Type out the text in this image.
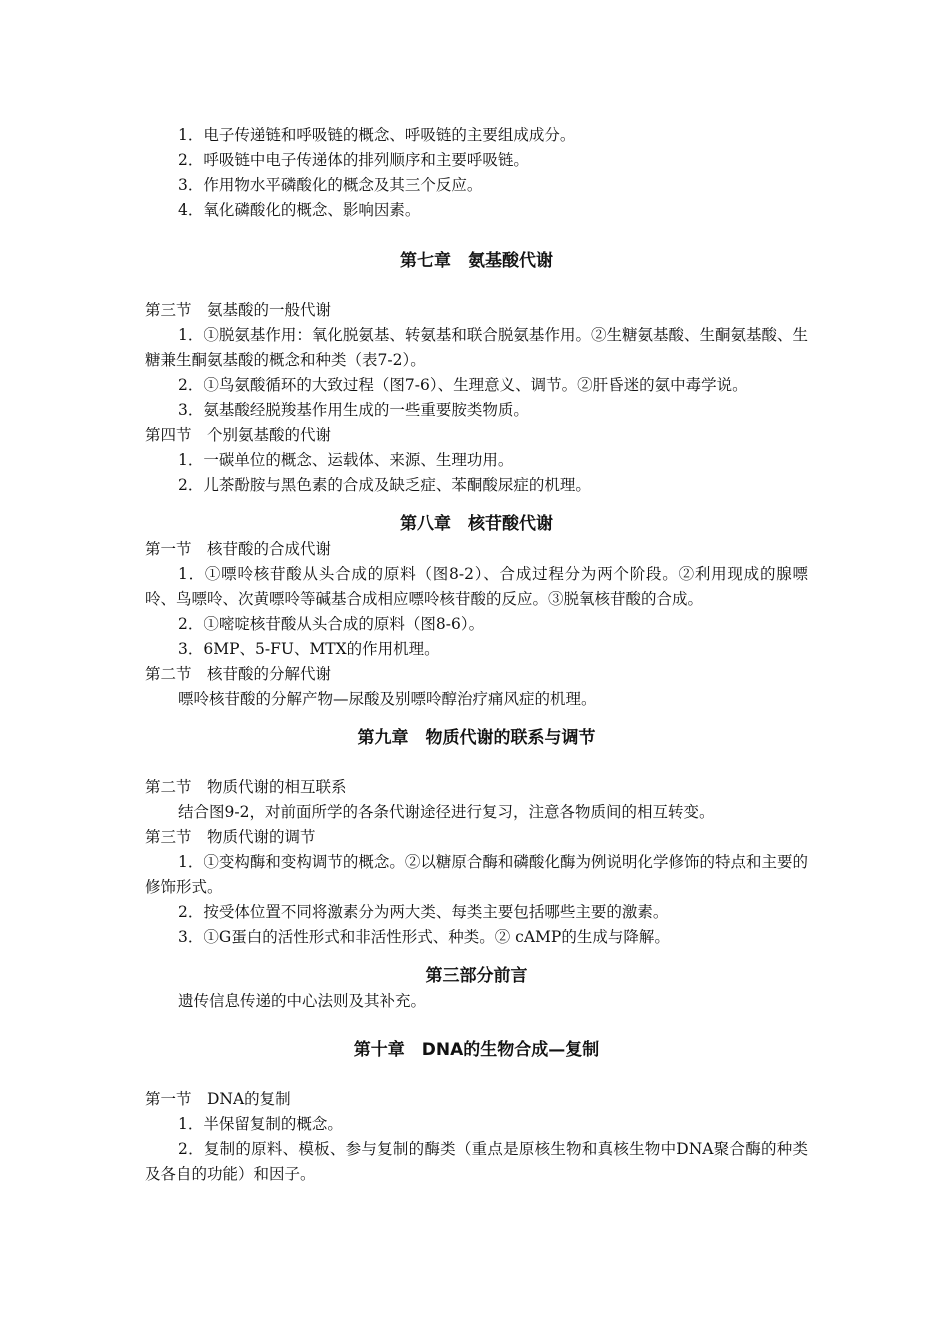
1．电子传递链和呼吸链的概念、呼吸链的主要组成成分。
2．呼吸链中电子传递体的排列顺序和主要呼吸链。
3．作用物水平磷酸化的概念及其三个反应。
4．氧化磷酸化的概念、影响因素。
第七章　氨基酸代谢
第三节　氨基酸的一般代谢
1．①脱氨基作用：氧化脱氨基、转氨基和联合脱氨基作用。②生糖氨基酸、生酮氨基酸、生糖兼生酮氨基酸的概念和种类（表7-2）。
2．①鸟氨酸循环的大致过程（图7-6）、生理意义、调节。②肝昏迷的氨中毒学说。
3．氨基酸经脱羧基作用生成的一些重要胺类物质。
第四节　个别氨基酸的代谢
1．一碳单位的概念、运载体、来源、生理功用。
2．儿茶酚胺与黑色素的合成及缺乏症、苯酮酸尿症的机理。
第八章　核苷酸代谢
第一节　核苷酸的合成代谢
1．①嘌呤核苷酸从头合成的原料（图8-2）、合成过程分为两个阶段。②利用现成的腺嘌呤、鸟嘌呤、次黄嘌呤等碱基合成相应嘌呤核苷酸的反应。③脱氧核苷酸的合成。
2．①嘧啶核苷酸从头合成的原料（图8-6）。
3．6MP、5-FU、MTX的作用机理。
第二节　核苷酸的分解代谢
嘌呤核苷酸的分解产物—尿酸及别嘌呤醇治疗痛风症的机理。
第九章　物质代谢的联系与调节
第二节　物质代谢的相互联系
结合图9-2，对前面所学的各条代谢途径进行复习，注意各物质间的相互转变。
第三节　物质代谢的调节
1．①变构酶和变构调节的概念。②以糖原合酶和磷酸化酶为例说明化学修饰的特点和主要的修饰形式。
2．按受体位置不同将激素分为两大类、每类主要包括哪些主要的激素。
3．①G蛋白的活性形式和非活性形式、种类。② cAMP的生成与降解。
第三部分前言
遗传信息传递的中心法则及其补充。
第十章　DNA的生物合成—复制
第一节　DNA的复制
1．半保留复制的概念。
2．复制的原料、模板、参与复制的酶类（重点是原核生物和真核生物中DNA聚合酶的种类及各自的功能）和因子。
